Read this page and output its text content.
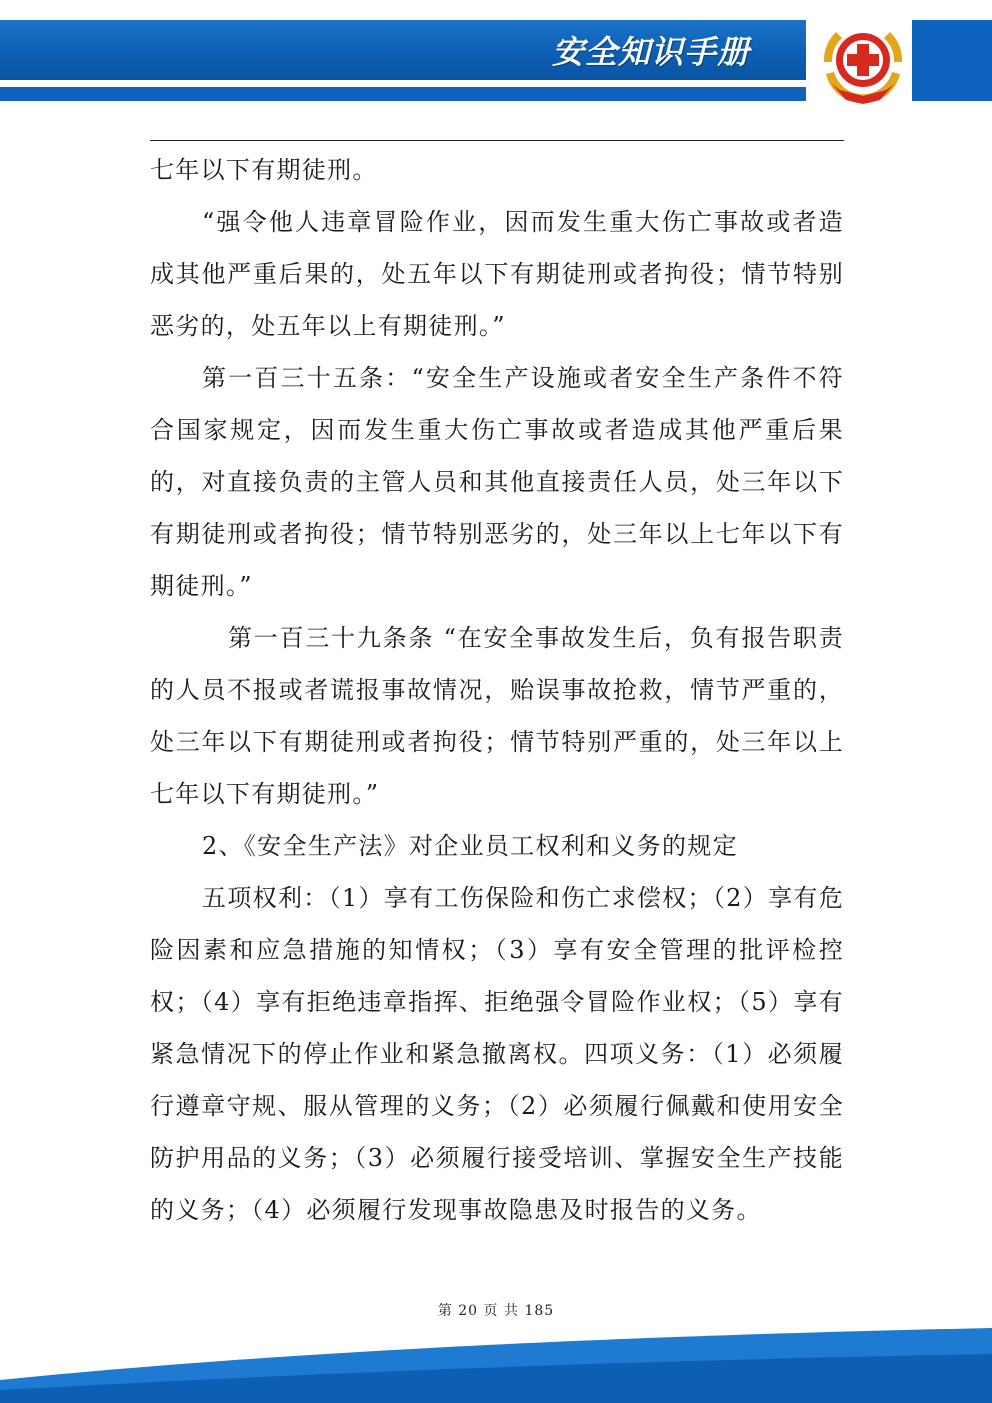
安全知识手册

七年以下有期徒刑。

“强令他人违章冒险作业，因而发生重大伤亡事故或者造成其他严重后果的，处五年以下有期徒刑或者拘役；情节特别恶劣的，处五年以上有期徒刑。”

第一百三十五条：“安全生产设施或者安全生产条件不符合国家规定，因而发生重大伤亡事故或者造成其他严重后果的，对直接负责的主管人员和其他直接责任人员，处三年以下有期徒刑或者拘役；情节特别恶劣的，处三年以上七年以下有期徒刑。”

第一百三十九条条 “在安全事故发生后，负有报告职责的人员不报或者谎报事故情况，贻误事故抢救，情节严重的，处三年以下有期徒刑或者拘役；情节特别严重的，处三年以上七年以下有期徒刑。”

2、《安全生产法》对企业员工权利和义务的规定

五项权利：（1）享有工伤保险和伤亡求偿权；（2）享有危险因素和应急措施的知情权；（3）享有安全管理的批评检控权；（4）享有拒绝违章指挥、拒绝强令冒险作业权；（5）享有紧急情况下的停止作业和紧急撤离权。四项义务：（1）必须履行遵章守规、服从管理的义务；（2）必须履行佩戴和使用安全防护用品的义务；（3）必须履行接受培训、掌握安全生产技能的义务；（4）必须履行发现事故隐患及时报告的义务。

第 20 页 共 185
